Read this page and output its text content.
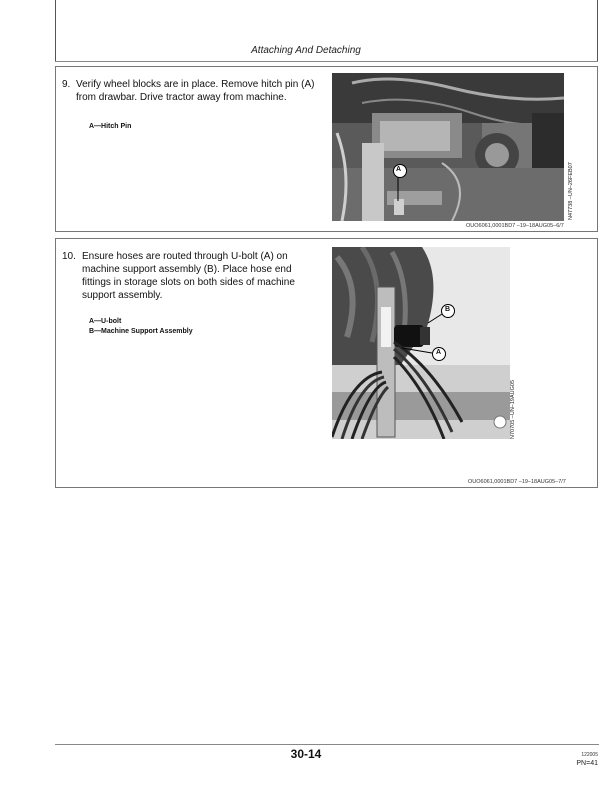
Attaching And Detaching
9. Verify wheel blocks are in place. Remove hitch pin (A)
from drawbar. Drive tractor away from machine.
A—Hitch Pin
A	N47738 –UN–26FEB07
OUO6061,0001BD7 –19–18AUG05–6/7
10. Ensure hoses are routed through U-bolt (A) on
machine support assembly (B). Place hose end
fittings in storage slots on both sides of machine
support assembly.
A—U-bolt
B—Machine Support Assembly
B
A
N70705 –UN–19AUG05
OUO6061,0001BD7 –19–18AUG05–7/7
30-14	122005
PN=41
